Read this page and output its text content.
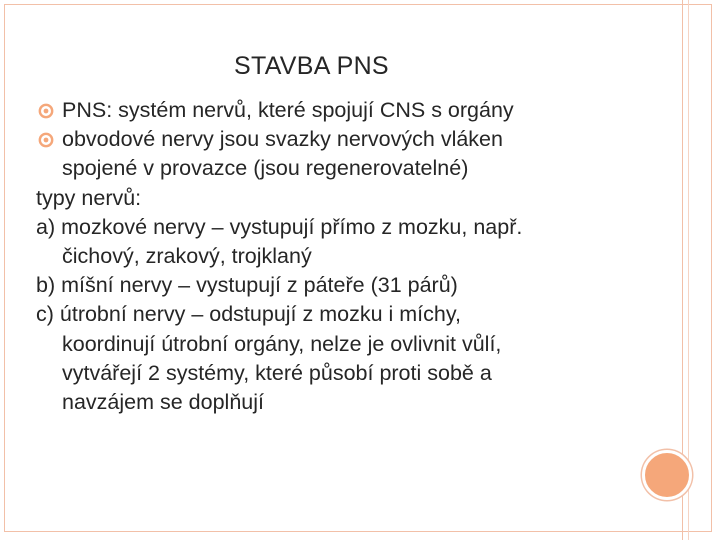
STAVBA PNS
PNS: systém nervů, které spojují CNS s orgány
obvodové nervy jsou svazky nervových vláken
spojené v provazce (jsou regenerovatelné)
typy nervů:
a) mozkové nervy – vystupují přímo z mozku, např.
čichový, zrakový, trojklaný
b) míšní nervy – vystupují z páteře (31 párů)
c) útrobní nervy – odstupují z mozku i míchy,
koordinují útrobní orgány, nelze je ovlivnit vůlí,
vytvářejí 2 systémy, které působí proti sobě a
navzájem se doplňují
